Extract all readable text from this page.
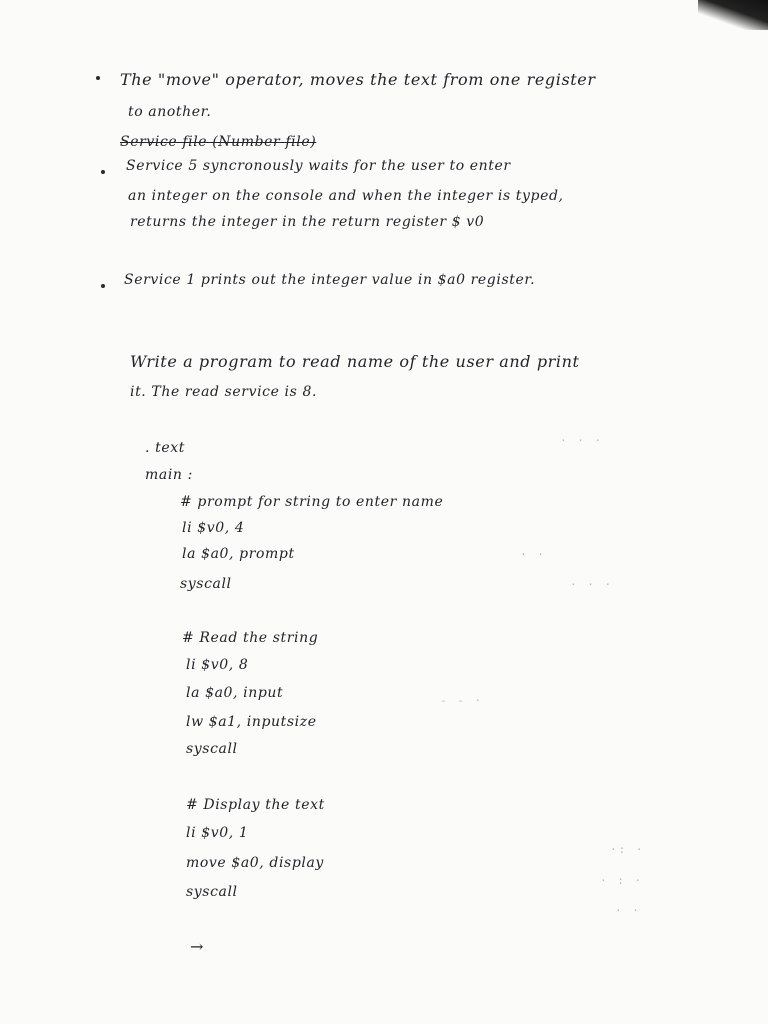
The "move" operator, moves the text from one register
to another.
Service file (Number file)
Service 5 syncronously waits for the user to enter
an integer on the console and when the integer is typed,
returns the integer in the return register $ v0
Service 1 prints out the integer value in $a0 register.
Write a program to read name of the user and print
it. The read service is 8.
. text
main :
# prompt for string to enter name
li $v0, 4
la $a0, prompt
syscall
# Read the string
li $v0, 8
la $a0, input
lw $a1, inputsize
syscall
# Display the text
li $v0, 1
move $a0, display
syscall
→
· · ·
· ·
· · ·
- - ·
·: ·
· : ·
· ·
